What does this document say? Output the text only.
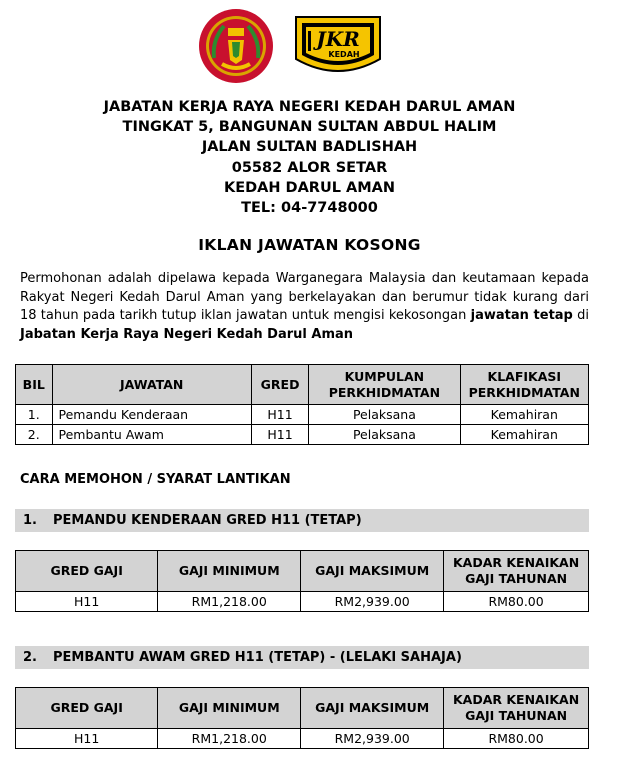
JKR
KEDAH
JABATAN KERJA RAYA NEGERI KEDAH DARUL AMAN
TINGKAT 5, BANGUNAN SULTAN ABDUL HALIM
JALAN SULTAN BADLISHAH
05582 ALOR SETAR
KEDAH DARUL AMAN
TEL: 04-7748000
IKLAN JAWATAN KOSONG
Permohonan adalah dipelawa kepada Warganegara Malaysia dan keutamaan kepada Rakyat Negeri Kedah Darul Aman yang berkelayakan dan berumur tidak kurang dari 18 tahun pada tarikh tutup iklan jawatan untuk mengisi kekosongan jawatan tetap di Jabatan Kerja Raya Negeri Kedah Darul Aman
BIL	JAWATAN	GRED	KUMPULAN PERKHIDMATAN	KLAFIKASI PERKHIDMATAN
1.	Pemandu Kenderaan	H11	Pelaksana	Kemahiran
2.	Pembantu Awam	H11	Pelaksana	Kemahiran
CARA MEMOHON / SYARAT LANTIKAN
1. PEMANDU KENDERAAN GRED H11 (TETAP)
GRED GAJI	GAJI MINIMUM	GAJI MAKSIMUM	KADAR KENAIKAN GAJI TAHUNAN
H11	RM1,218.00	RM2,939.00	RM80.00
2. PEMBANTU AWAM GRED H11 (TETAP) - (LELAKI SAHAJA)
GRED GAJI	GAJI MINIMUM	GAJI MAKSIMUM	KADAR KENAIKAN GAJI TAHUNAN
H11	RM1,218.00	RM2,939.00	RM80.00
